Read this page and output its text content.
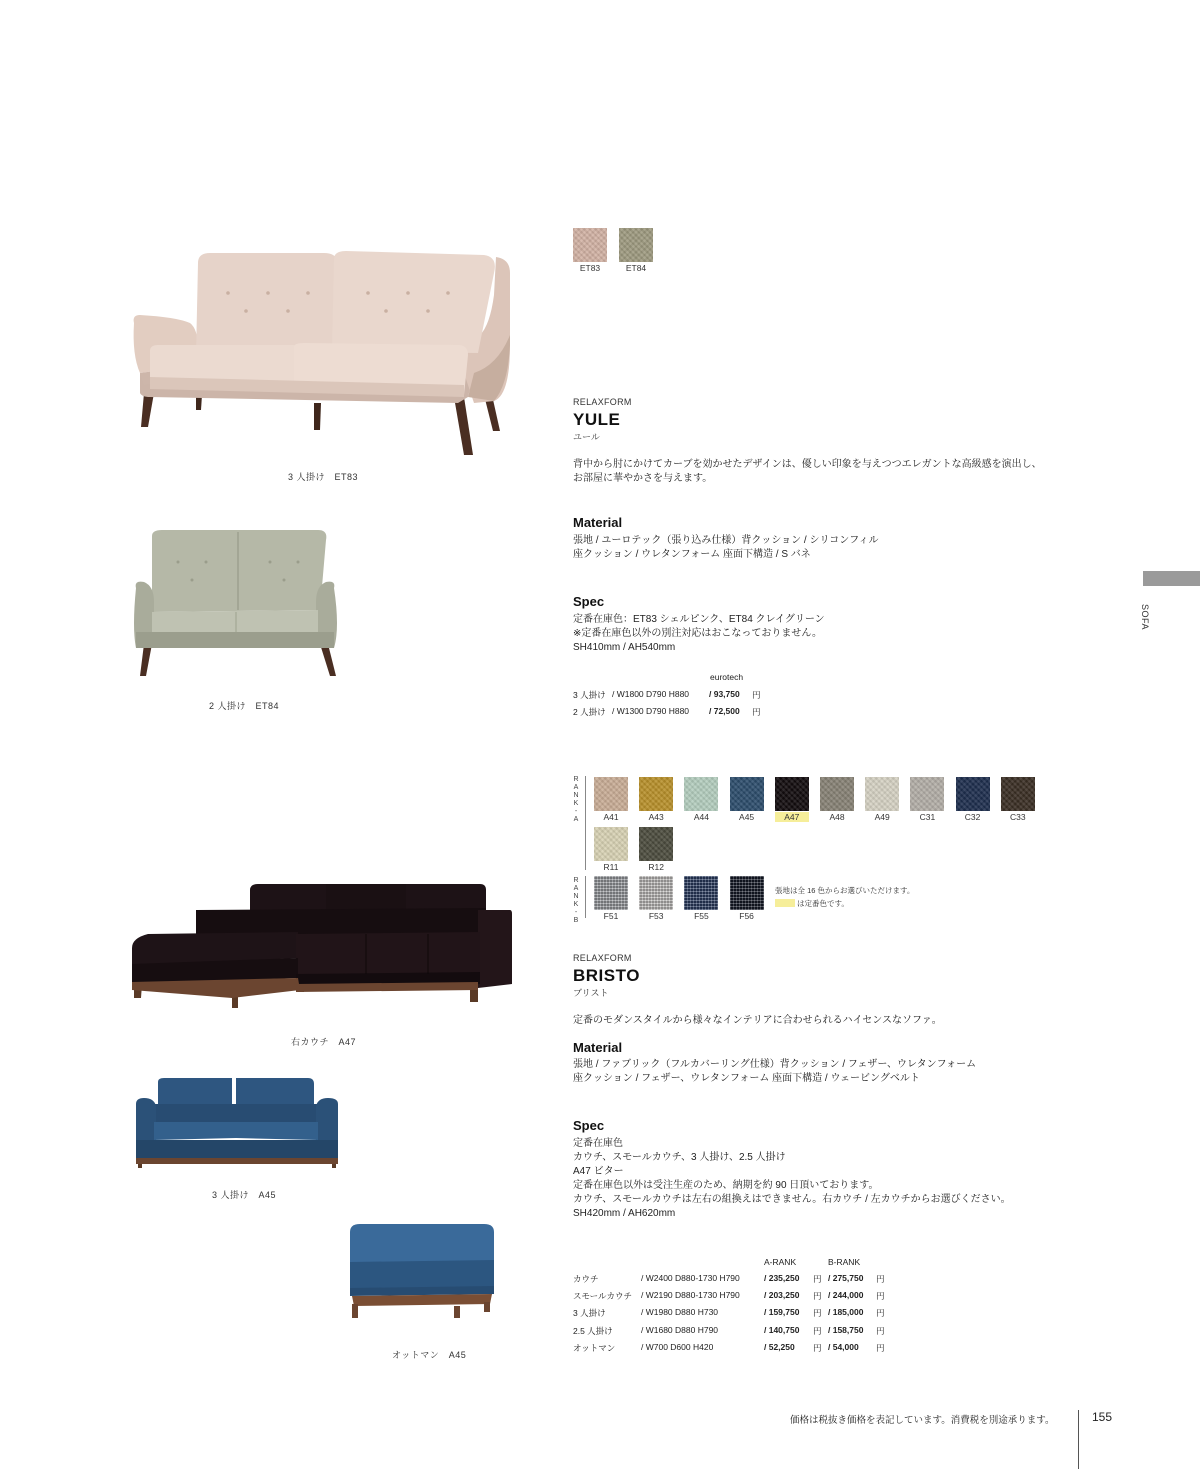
3 人掛け　ET83
2 人掛け　ET84
ET83	ET84
RELAXFORM
YULE
ユール
背中から肘にかけてカーブを効かせたデザインは、優しい印象を与えつつエレガントな高級感を演出し、
お部屋に華やかさを与えます。
Material
張地 / ユーロテック（張り込み仕様）背クッション / シリコンフィル
座クッション / ウレタンフォーム 座面下構造 / S バネ
Spec
定番在庫色：ET83 シェルピンク、ET84 クレイグリーン
※定番在庫色以外の別注対応はおこなっておりません。
SH410mm / AH540mm
eurotech
3 人掛け / W1800 D790 H880 / 93,750 円
2 人掛け / W1300 D790 H880 / 72,500 円
右カウチ　A47
3 人掛け　A45
オットマン　A45
R
A
N
K
-
A
R
A
N
K
-
B
A41	A43	A44	A45	A47	A48	A49	C31	C32	C33
R11	R12
F51	F53	F55	F56
張地は全 16 色からお選びいただけます。
は定番色です。
RELAXFORM
BRISTO
ブリスト
定番のモダンスタイルから様々なインテリアに合わせられるハイセンスなソファ。
Material
張地 / ファブリック（フルカバーリング仕様）背クッション / フェザー、ウレタンフォーム
座クッション / フェザー、ウレタンフォーム 座面下構造 / ウェービングベルト
Spec
定番在庫色
カウチ、スモールカウチ、3 人掛け、2.5 人掛け
A47 ビター
定番在庫色以外は受注生産のため、納期を約 90 日頂いております。
カウチ、スモールカウチは左右の組換えはできません。右カウチ / 左カウチからお選びください。
SH420mm / AH620mm
A-RANK	B-RANK
カウチ	/ W2400 D880-1730 H790	/ 235,250	円 / 275,750	円
スモールカウチ / W2190 D880-1730 H790	/ 203,250	円 / 244,000	円
3 人掛け	/ W1980 D880 H730	/ 159,750	円 / 185,000	円
2.5 人掛け	/ W1680 D880 H790	/ 140,750	円 / 158,750	円
オットマン	/ W700 D600 H420	/ 52,250	円 / 54,000	円
SOFA
価格は税抜き価格を表記しています。消費税を別途承ります。	155
